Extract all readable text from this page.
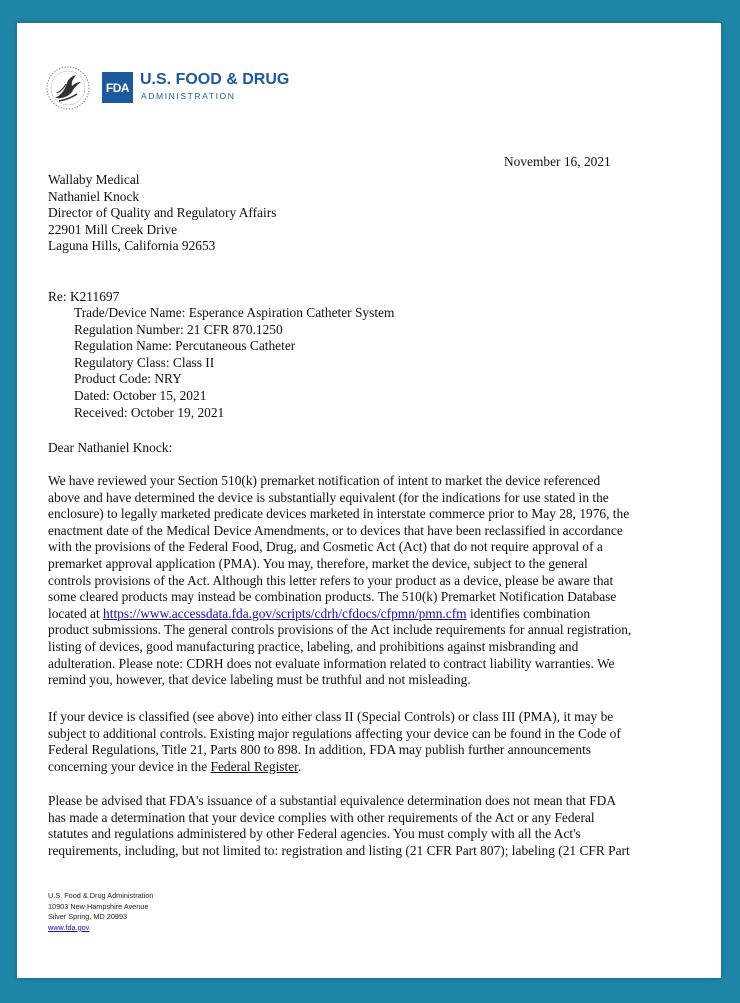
FDA U.S. FOOD & DRUG
ADMINISTRATION
November 16, 2021
Wallaby Medical
Nathaniel Knock
Director of Quality and Regulatory Affairs
22901 Mill Creek Drive
Laguna Hills, California 92653
Re: K211697
Trade/Device Name: Esperance Aspiration Catheter System
Regulation Number: 21 CFR 870.1250
Regulation Name: Percutaneous Catheter
Regulatory Class: Class II
Product Code: NRY
Dated: October 15, 2021
Received: October 19, 2021
Dear Nathaniel Knock:
We have reviewed your Section 510(k) premarket notification of intent to market the device referenced
above and have determined the device is substantially equivalent (for the indications for use stated in the
enclosure) to legally marketed predicate devices marketed in interstate commerce prior to May 28, 1976, the
enactment date of the Medical Device Amendments, or to devices that have been reclassified in accordance
with the provisions of the Federal Food, Drug, and Cosmetic Act (Act) that do not require approval of a
premarket approval application (PMA). You may, therefore, market the device, subject to the general
controls provisions of the Act. Although this letter refers to your product as a device, please be aware that
some cleared products may instead be combination products. The 510(k) Premarket Notification Database
located at https://www.accessdata.fda.gov/scripts/cdrh/cfdocs/cfpmn/pmn.cfm identifies combination
product submissions. The general controls provisions of the Act include requirements for annual registration,
listing of devices, good manufacturing practice, labeling, and prohibitions against misbranding and
adulteration. Please note: CDRH does not evaluate information related to contract liability warranties. We
remind you, however, that device labeling must be truthful and not misleading.
If your device is classified (see above) into either class II (Special Controls) or class III (PMA), it may be
subject to additional controls. Existing major regulations affecting your device can be found in the Code of
Federal Regulations, Title 21, Parts 800 to 898. In addition, FDA may publish further announcements
concerning your device in the Federal Register.
Please be advised that FDA's issuance of a substantial equivalence determination does not mean that FDA
has made a determination that your device complies with other requirements of the Act or any Federal
statutes and regulations administered by other Federal agencies. You must comply with all the Act's
requirements, including, but not limited to: registration and listing (21 CFR Part 807); labeling (21 CFR Part
U.S. Food & Drug Administration
10903 New Hampshire Avenue
Silver Spring, MD 20993
www.fda.gov
